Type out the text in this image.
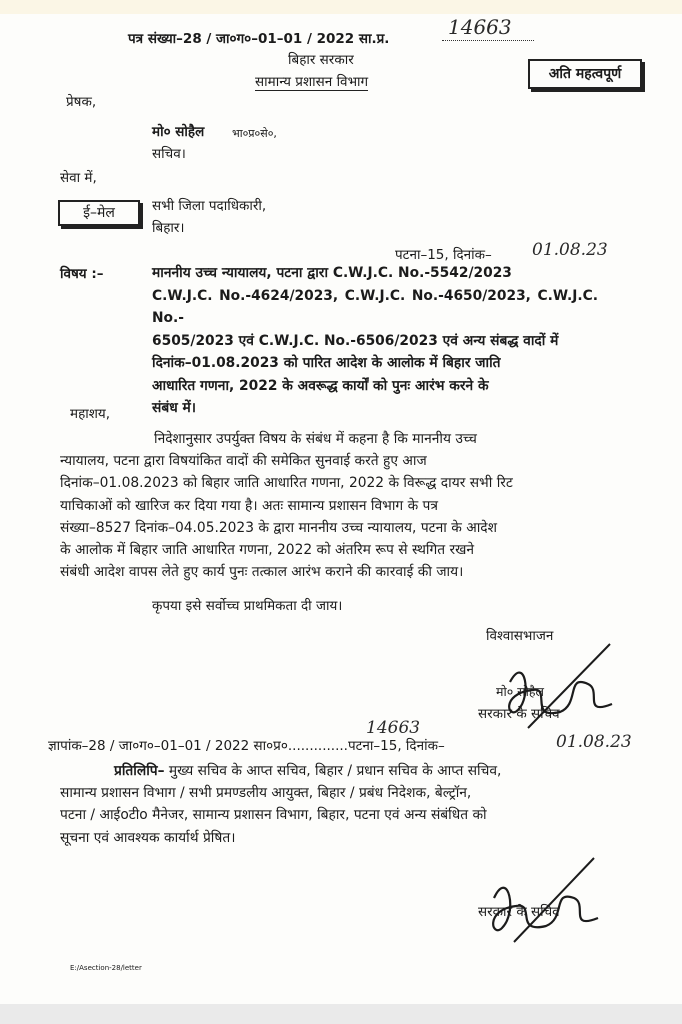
पत्र संख्या–28 / जा०ग०–01–01 / 2022 सा.प्र.	14663
बिहार सरकार
सामान्य प्रशासन विभाग	अति महत्वपूर्ण
प्रेषक,
मो० सोहैल	भा०प्र०से०,
सचिव।
सेवा में,
ई–मेल	सभी जिला पदाधिकारी,
बिहार।
पटना–15, दिनांक– 01.08.23
विषय :–	माननीय उच्च न्यायालय, पटना द्वारा C.W.J.C. No.-5542/2023
C.W.J.C. No.-4624/2023, C.W.J.C. No.-4650/2023, C.W.J.C. No.-
6505/2023 एवं C.W.J.C. No.-6506/2023 एवं अन्य संबद्ध वादों में
दिनांक–01.08.2023 को पारित आदेश के आलोक में बिहार जाति
आधारित गणना, 2022 के अवरूद्ध कार्यों को पुनः आरंभ करने के
संबंध में।
महाशय,
निदेशानुसार उपर्युक्त विषय के संबंध में कहना है कि माननीय उच्च
न्यायालय, पटना द्वारा विषयांकित वादों की समेकित सुनवाई करते हुए आज
दिनांक–01.08.2023 को बिहार जाति आधारित गणना, 2022 के विरूद्ध दायर सभी रिट
याचिकाओं को खारिज कर दिया गया है। अतः सामान्य प्रशासन विभाग के पत्र
संख्या–8527 दिनांक–04.05.2023 के द्वारा माननीय उच्च न्यायालय, पटना के आदेश
के आलोक में बिहार जाति आधारित गणना, 2022 को अंतरिम रूप से स्थगित रखने
संबंधी आदेश वापस लेते हुए कार्य पुनः तत्काल आरंभ कराने की कारवाई की जाय।
कृपया इसे सर्वोच्च प्राथमिकता दी जाय।
विश्वासभाजन
मो० सोहैल
सरकार के सचिव
ज्ञापांक–28 / जा०ग०–01–01 / 2022 सा०प्र०..............पटना–15, दिनांक–
14663
01.08.23
प्रतिलिपि– मुख्य सचिव के आप्त सचिव, बिहार / प्रधान सचिव के आप्त सचिव,
सामान्य प्रशासन विभाग / सभी प्रमण्डलीय आयुक्त, बिहार / प्रबंध निदेशक, बेल्ट्रॉन,
पटना / आईoटीo मैनेजर, सामान्य प्रशासन विभाग, बिहार, पटना एवं अन्य संबंधित को
सूचना एवं आवश्यक कार्यार्थ प्रेषित।
सरकार के सचिव
E:/Asection-28/letter
